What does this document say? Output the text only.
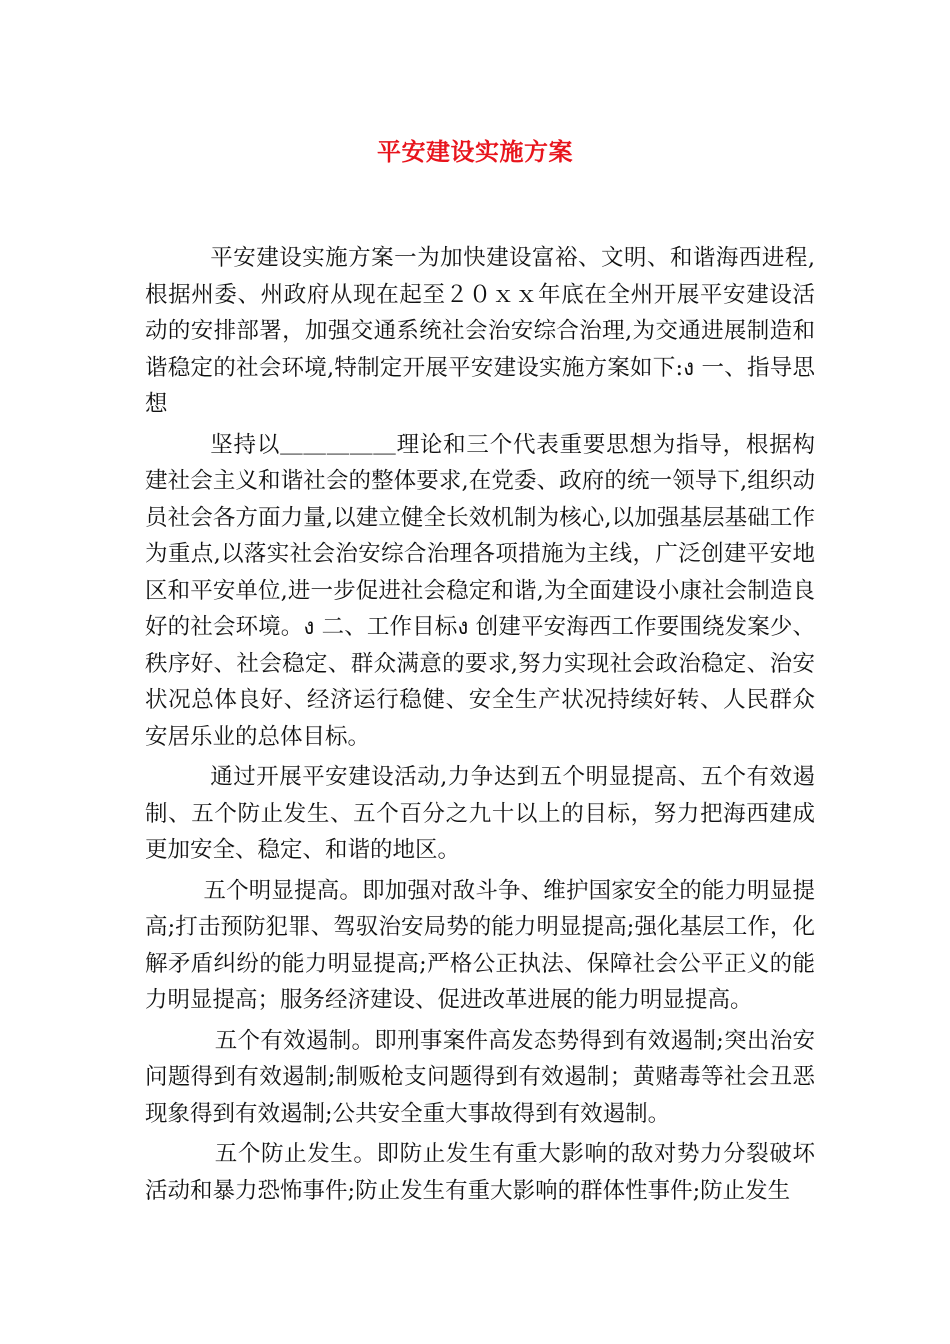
平安建设实施方案

平安建设实施方案一为加快建设富裕、文明、和谐海西进程,根据州委、州政府从现在起至２０ｘｘ年底在全州开展平安建设活动的安排部署，加强交通系统社会治安综合治理,为交通进展制造和谐稳定的社会环境,特制定开展平安建设实施方案如下:ง 一、指导思想

坚持以＿＿＿＿＿理论和三个代表重要思想为指导，根据构建社会主义和谐社会的整体要求,在党委、政府的统一领导下,组织动员社会各方面力量,以建立健全长效机制为核心,以加强基层基础工作为重点,以落实社会治安综合治理各项措施为主线，广泛创建平安地区和平安单位,进一步促进社会稳定和谐,为全面建设小康社会制造良好的社会环境。ง 二、工作目标ง 创建平安海西工作要围绕发案少、秩序好、社会稳定、群众满意的要求,努力实现社会政治稳定、治安状况总体良好、经济运行稳健、安全生产状况持续好转、人民群众安居乐业的总体目标。

通过开展平安建设活动,力争达到五个明显提高、五个有效遏制、五个防止发生、五个百分之九十以上的目标，努力把海西建成更加安全、稳定、和谐的地区。

五个明显提高。即加强对敌斗争、维护国家安全的能力明显提高;打击预防犯罪、驾驭治安局势的能力明显提高;强化基层工作，化解矛盾纠纷的能力明显提高;严格公正执法、保障社会公平正义的能力明显提高；服务经济建设、促进改革进展的能力明显提高。

五个有效遏制。即刑事案件高发态势得到有效遏制;突出治安问题得到有效遏制;制贩枪支问题得到有效遏制；黄赌毒等社会丑恶现象得到有效遏制;公共安全重大事故得到有效遏制。

五个防止发生。即防止发生有重大影响的敌对势力分裂破坏活动和暴力恐怖事件;防止发生有重大影响的群体性事件;防止发生
